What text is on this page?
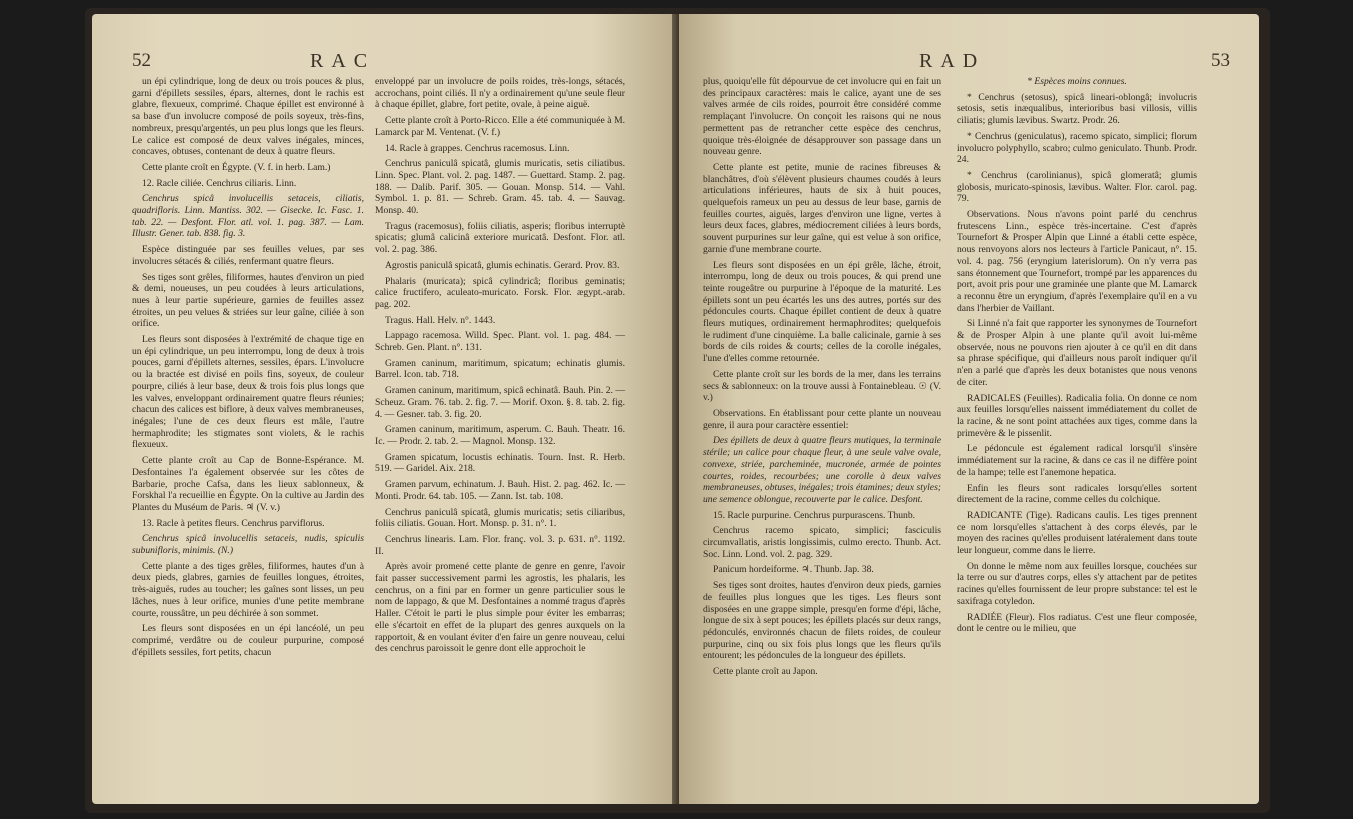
52	RAC

un épi cylindrique, long de deux ou trois pouces & plus, garni d'épillets sessiles, épars, alternes, dont le rachis est glabre, flexueux, comprimé. Chaque épillet est environné à sa base d'un involucre composé de poils soyeux, très-fins, nombreux, presqu'argentés, un peu plus longs que les fleurs. Le calice est composé de deux valves inégales, minces, concaves, obtuses, contenant de deux à quatre fleurs.

Cette plante croît en Égypte. (V. f. in herb. Lam.)

12. Racle ciliée. Cenchrus ciliaris. Linn.

Cenchrus spicâ involucellis setaceis, ciliatis, quadrifloris. Linn. Mantiss. 302. — Gisecke. Ic. Fasc. 1. tab. 22. — Desfont. Flor. atl. vol. 1. pag. 387. — Lam. Illustr. Gener. tab. 838. fig. 3.

Espèce distinguée par ses feuilles velues, par ses involucres sétacés & ciliés, renfermant quatre fleurs.

Ses tiges sont grêles, filiformes, hautes d'environ un pied & demi, noueuses, un peu coudées à leurs articulations, nues à leur partie supérieure, garnies de feuilles assez étroites, un peu velues & striées sur leur gaîne, ciliée à son orifice.

Les fleurs sont disposées à l'extrémité de chaque tige en un épi cylindrique, un peu interrompu, long de deux à trois pouces, garni d'épillets alternes, sessiles, épars. L'involucre ou la bractée est divisé en poils fins, soyeux, de couleur pourpre, ciliés à leur base, deux & trois fois plus longs que les valves, enveloppant ordinairement quatre fleurs réunies; chacun des calices est biflore, à deux valves membraneuses, inégales; l'une de ces deux fleurs est mâle, l'autre hermaphrodite; les stigmates sont violets, & le rachis flexueux.

Cette plante croît au Cap de Bonne-Espérance. M. Desfontaines l'a également observée sur les côtes de Barbarie, proche Cafsa, dans les lieux sablonneux, & Forskhal l'a recueillie en Égypte. On la cultive au Jardin des Plantes du Muséum de Paris. ♃ (V. v.)

13. Racle à petites fleurs. Cenchrus parviflorus.

Cenchrus spicâ involucellis setaceis, nudis, spiculis subunifloris, minimis. (N.)

Cette plante a des tiges grêles, filiformes, hautes d'un à deux pieds, glabres, garnies de feuilles longues, étroites, très-aiguës, rudes au toucher; les gaînes sont lisses, un peu lâches, nues à leur orifice, munies d'une petite membrane courte, roussâtre, un peu déchirée à son sommet.

Les fleurs sont disposées en un épi lancéolé, un peu comprimé, verdâtre ou de couleur purpurine, composé d'épillets sessiles, fort petits, chacun

enveloppé par un involucre de poils roides, très-longs, sétacés, accrochans, point ciliés. Il n'y a ordinairement qu'une seule fleur à chaque épillet, glabre, fort petite, ovale, à peine aiguë.

Cette plante croît à Porto-Ricco. Elle a été communiquée à M. Lamarck par M. Ventenat. (V. f.)

14. Racle à grappes. Cenchrus racemosus. Linn.

Cenchrus paniculâ spicatâ, glumis muricatis, setis ciliatibus. Linn. Spec. Plant. vol. 2. pag. 1487. — Guettard. Stamp. 2. pag. 188. — Dalib. Parif. 305. — Gouan. Monsp. 514. — Vahl. Symbol. 1. p. 81. — Schreb. Gram. 45. tab. 4. — Sauvag. Monsp. 40.

Tragus (racemosus), foliis ciliatis, asperis; floribus interruptè spicatis; glumâ calicinâ exteriore muricatâ. Desfont. Flor. atl. vol. 2. pag. 386.

Agrostis paniculâ spicatâ, glumis echinatis. Gerard. Prov. 83.

Phalaris (muricata); spicâ cylindricâ; floribus geminatis; calice fructifero, aculeato-muricato. Forsk. Flor. ægypt.-arab. pag. 202.

Tragus. Hall. Helv. n°. 1443.

Lappago racemosa. Willd. Spec. Plant. vol. 1. pag. 484. — Schreb. Gen. Plant. n°. 131.

Gramen caninum, maritimum, spicatum; echinatis glumis. Barrel. Icon. tab. 718.

Gramen caninum, maritimum, spicâ echinatâ. Bauh. Pin. 2. — Scheuz. Gram. 76. tab. 2. fig. 7. — Morif. Oxon. §. 8. tab. 2. fig. 4. — Gesner. tab. 3. fig. 20.

Gramen caninum, maritimum, asperum. C. Bauh. Theatr. 16. Ic. — Prodr. 2. tab. 2. — Magnol. Monsp. 132.

Gramen spicatum, locustis echinatis. Tourn. Inst. R. Herb. 519. — Garidel. Aix. 218.

Gramen parvum, echinatum. J. Bauh. Hist. 2. pag. 462. Ic. — Monti. Prodr. 64. tab. 105. — Zann. Ist. tab. 108.

Cenchrus paniculâ spicatâ, glumis muricatis; setis ciliaribus, foliis ciliatis. Gouan. Hort. Monsp. p. 31. n°. 1.

Cenchrus linearis. Lam. Flor. franç. vol. 3. p. 631. n°. 1192. II.

Après avoir promené cette plante de genre en genre, l'avoir fait passer successivement parmi les agrostis, les phalaris, les cenchrus, on a fini par en former un genre particulier sous le nom de lappago, & que M. Desfontaines a nommé tragus d'après Haller. C'étoit le parti le plus simple pour éviter les embarras; elle s'écartoit en effet de la plupart des genres auxquels on la rapportoit, & en voulant éviter d'en faire un genre nouveau, celui des cenchrus paroissoit le genre dont elle approchoit le

RAD	53

plus, quoiqu'elle fût dépourvue de cet involucre qui en fait un des principaux caractères: mais le calice, ayant une de ses valves armée de cils roides, pourroit être considéré comme remplaçant l'involucre. On conçoit les raisons qui ne nous permettent pas de retrancher cette espèce des cenchrus, quoique très-éloignée de désapprouver son passage dans un nouveau genre.

Cette plante est petite, munie de racines fibreuses & blanchâtres, d'où s'élèvent plusieurs chaumes coudés à leurs articulations inférieures, hauts de six à huit pouces, quelquefois rameux un peu au dessus de leur base, garnis de feuilles courtes, aiguës, larges d'environ une ligne, vertes à leurs deux faces, glabres, médiocrement ciliées à leurs bords, souvent purpurines sur leur gaîne, qui est velue à son orifice, garnie d'une membrane courte.

Les fleurs sont disposées en un épi grêle, lâche, étroit, interrompu, long de deux ou trois pouces, & qui prend une teinte rougeâtre ou purpurine à l'époque de la maturité. Les épillets sont un peu écartés les uns des autres, portés sur des pédoncules courts. Chaque épillet contient de deux à quatre fleurs mutiques, ordinairement hermaphrodites; quelquefois le rudiment d'une cinquième. La balle calicinale, garnie à ses bords de cils roides & courts; celles de la corolle inégales, l'une d'elles comme retournée.

Cette plante croît sur les bords de la mer, dans les terrains secs & sablonneux: on la trouve aussi à Fontainebleau. ☉ (V. v.)

Observations. En établissant pour cette plante un nouveau genre, il aura pour caractère essentiel:

Des épillets de deux à quatre fleurs mutiques, la terminale stérile; un calice pour chaque fleur, à une seule valve ovale, convexe, striée, parcheminée, mucronée, armée de pointes courtes, roides, recourbées; une corolle à deux valves membraneuses, obtuses, inégales; trois étamines; deux styles; une semence oblongue, recouverte par le calice. Desfont.

15. Racle purpurine. Cenchrus purpurascens. Thunb.

Cenchrus racemo spicato, simplici; fasciculis circumvallatis, aristis longissimis, culmo erecto. Thunb. Act. Soc. Linn. Lond. vol. 2. pag. 329.

Panicum hordeiforme. ♃. Thunb. Jap. 38.

Ses tiges sont droites, hautes d'environ deux pieds, garnies de feuilles plus longues que les tiges. Les fleurs sont disposées en une grappe simple, presqu'en forme d'épi, lâche, longue de six à sept pouces; les épillets placés sur deux rangs, pédonculés, environnés chacun de filets roides, de couleur purpurine, cinq ou six fois plus longs que les fleurs qu'ils entourent; les pédoncules de la longueur des épillets.

Cette plante croît au Japon.

* Espèces moins connues.

* Cenchrus (setosus), spicâ lineari-oblongâ; involucris setosis, setis inæqualibus, interioribus basi villosis, villis ciliatis; glumis lævibus. Swartz. Prodr. 26.

* Cenchrus (geniculatus), racemo spicato, simplici; florum involucro polyphyllo, scabro; culmo geniculato. Thunb. Prodr. 24.

* Cenchrus (carolinianus), spicâ glomeratâ; glumis globosis, muricato-spinosis, lævibus. Walter. Flor. carol. pag. 79.

Observations. Nous n'avons point parlé du cenchrus frutescens Linn., espèce très-incertaine. C'est d'après Tournefort & Prosper Alpin que Linné a établi cette espèce, nous renvoyons alors nos lecteurs à l'article Panicaut, n°. 15. vol. 4. pag. 756 (eryngium laterislorum). On n'y verra pas sans étonnement que Tournefort, trompé par les apparences du port, avoit pris pour une graminée une plante que M. Lamarck a reconnu être un eryngium, d'après l'exemplaire qu'il en a vu dans l'herbier de Vaillant.

Si Linné n'a fait que rapporter les synonymes de Tournefort & de Prosper Alpin à une plante qu'il avoit lui-même observée, nous ne pouvons rien ajouter à ce qu'il en dit dans sa phrase spécifique, qui d'ailleurs nous paroît indiquer qu'il n'en a parlé que d'après les deux botanistes que nous venons de citer.

RADICALES (Feuilles). Radicalia folia. On donne ce nom aux feuilles lorsqu'elles naissent immédiatement du collet de la racine, & ne sont point attachées aux tiges, comme dans la primevère & le pissenlit.

Le pédoncule est également radical lorsqu'il s'insère immédiatement sur la racine, & dans ce cas il ne diffère point de la hampe; telle est l'anemone hepatica.

Enfin les fleurs sont radicales lorsqu'elles sortent directement de la racine, comme celles du colchique.

RADICANTE (Tige). Radicans caulis. Les tiges prennent ce nom lorsqu'elles s'attachent à des corps élevés, par le moyen des racines qu'elles produisent latéralement dans toute leur longueur, comme dans le lierre.

On donne le même nom aux feuilles lorsque, couchées sur la terre ou sur d'autres corps, elles s'y attachent par de petites racines qu'elles fournissent de leur propre substance: tel est le saxifraga cotyledon.

RADIÉE (Fleur). Flos radiatus. C'est une fleur composée, dont le centre ou le milieu, que
